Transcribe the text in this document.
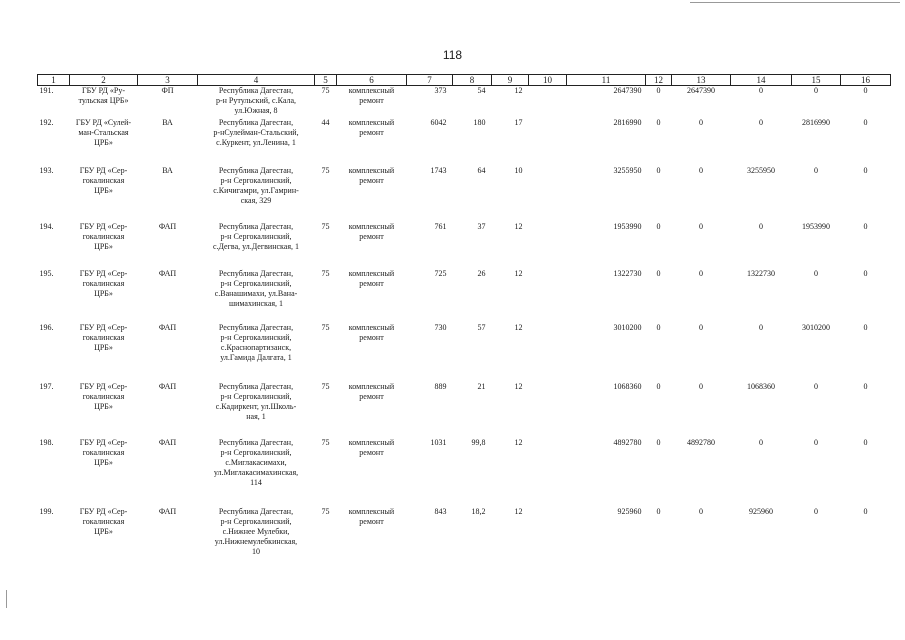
118
1	2	3	4	5	6	7	8	9	10	11	12	13	14	15	16
191.	ГБУ РД «Ру-
тульская ЦРБ»	ФП	Республика Дагестан,
р-н Рутульский, с.Кала,
ул.Южная, 8	75	комплексный
ремонт	373	54	12		2647390	0	2647390	0	0	0
192.	ГБУ РД «Сулей-
ман-Стальская
ЦРБ»	ВА	Республика Дагестан,
р-нСулейман-Стальский,
с.Куркент, ул.Ленина, 1	44	комплексный
ремонт	6042	180	17		2816990	0	0	0	2816990	0
193.	ГБУ РД «Сер-
гокалинская
ЦРБ»	ВА	Республика Дагестан,
р-н Сергокалинский,
с.Кичигамри, ул.Гамрин-
ская, 329	75	комплексный
ремонт	1743	64	10		3255950	0	0	3255950	0	0
194.	ГБУ РД «Сер-
гокалинская
ЦРБ»	ФАП	Республика Дагестан,
р-н Сергокалинский,
с.Дегва, ул.Дегвинская, 1	75	комплексный
ремонт	761	37	12		1953990	0	0	0	1953990	0
195.	ГБУ РД «Сер-
гокалинская
ЦРБ»	ФАП	Республика Дагестан,
р-н Сергокалинский,
с.Ванашимахи, ул.Вана-
шимахинская, 1	75	комплексный
ремонт	725	26	12		1322730	0	0	1322730	0	0
196.	ГБУ РД «Сер-
гокалинская
ЦРБ»	ФАП	Республика Дагестан,
р-н Сергокалинский,
с.Краснопартизанск,
ул.Гамида Далгата, 1	75	комплексный
ремонт	730	57	12		3010200	0	0	0	3010200	0
197.	ГБУ РД «Сер-
гокалинская
ЦРБ»	ФАП	Республика Дагестан,
р-н Сергокалинский,
с.Кадиркент, ул.Школь-
ная, 1	75	комплексный
ремонт	889	21	12		1068360	0	0	1068360	0	0
198.	ГБУ РД «Сер-
гокалинская
ЦРБ»	ФАП	Республика Дагестан,
р-н Сергокалинский,
с.Миглакасимахи,
ул.Миглакасимахинская,
114	75	комплексный
ремонт	1031	99,8	12		4892780	0	4892780	0	0	0
199.	ГБУ РД «Сер-
гокалинская
ЦРБ»	ФАП	Республика Дагестан,
р-н Сергокалинский,
с.Нижнее Мулебки,
ул.Нижнемулебкинская,
10	75	комплексный
ремонт	843	18,2	12		925960	0	0	925960	0	0
